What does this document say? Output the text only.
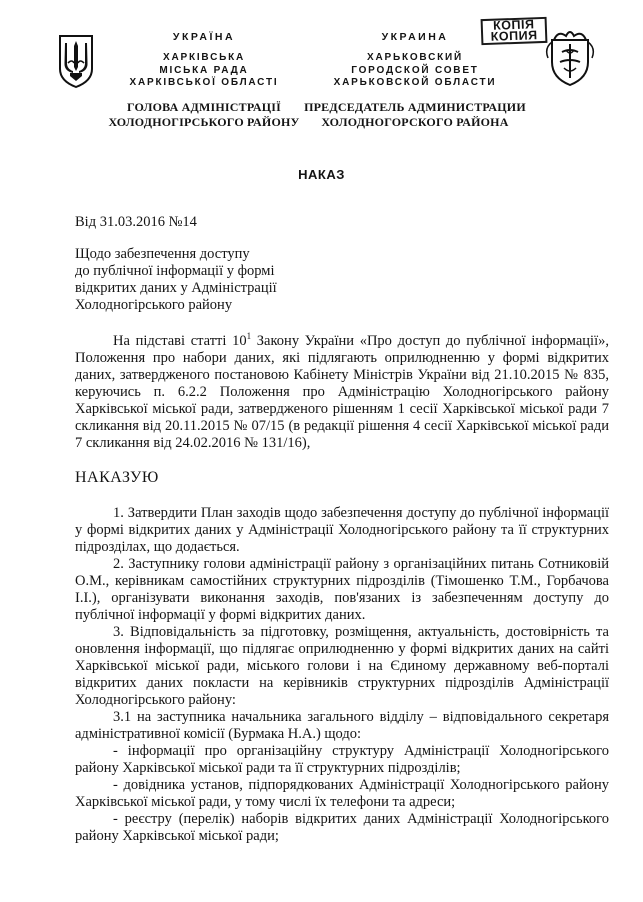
КОПІЯ
КОПИЯ
УКРАЇНА
ХАРКІВСЬКА
МІСЬКА РАДА
ХАРКІВСЬКОЇ ОБЛАСТІ
ГОЛОВА АДМІНІСТРАЦІЇ
ХОЛОДНОГІРСЬКОГО РАЙОНУ
УКРАИНА
ХАРЬКОВСКИЙ
ГОРОДСКОЙ СОВЕТ
ХАРЬКОВСКОЙ ОБЛАСТИ
ПРЕДСЕДАТЕЛЬ АДМИНИСТРАЦИИ
ХОЛОДНОГОРСКОГО РАЙОНА
НАКАЗ
Від 31.03.2016 №14
Щодо забезпечення доступу
до публічної інформації у формі
відкритих даних у Адміністрації
Холодногірського району
На підставі статті $10^1$ Закону України «Про доступ до публічної інформації», Положення про набори даних, які підлягають оприлюдненню у формі відкритих даних, затвердженого постановою Кабінету Міністрів України від 21.10.2015 № 835, керуючись п. 6.2.2 Положення про Адміністрацію Холодногірського району Харківської міської ради, затвердженого рішенням 1 сесії Харківської міської ради 7 скликання від 20.11.2015 № 07/15 (в редакції рішення 4 сесії Харківської міської ради 7 скликання від 24.02.2016 № 131/16),
НАКАЗУЮ

1. Затвердити План заходів щодо забезпечення доступу до публічної інформації у формі відкритих даних у Адміністрації Холодногірського району та її структурних підрозділах, що додається.

2. Заступнику голови адміністрації району з організаційних питань Сотниковій О.М., керівникам самостійних структурних підрозділів (Тімошенко Т.М., Горбачова І.І.), організувати виконання заходів, пов'язаних із забезпеченням доступу до публічної інформації у формі відкритих даних.

3. Відповідальність за підготовку, розміщення, актуальність, достовірність та оновлення інформації, що підлягає оприлюдненню у формі відкритих даних на сайті Харківської міської ради, міського голови і на Єдиному державному веб-порталі відкритих даних покласти на керівників структурних підрозділів Адміністрації Холодногірського району:

3.1 на заступника начальника загального відділу – відповідального секретаря адміністративної комісії (Бурмака Н.А.) щодо:

- інформації про організаційну структуру Адміністрації Холодногірського району Харківської міської ради та її структурних підрозділів;

- довідника установ, підпорядкованих Адміністрації Холодногірського району Харківської міської ради, у тому числі їх телефони та адреси;

- реєстру (перелік) наборів відкритих даних Адміністрації Холодногірського району Харківської міської ради;
